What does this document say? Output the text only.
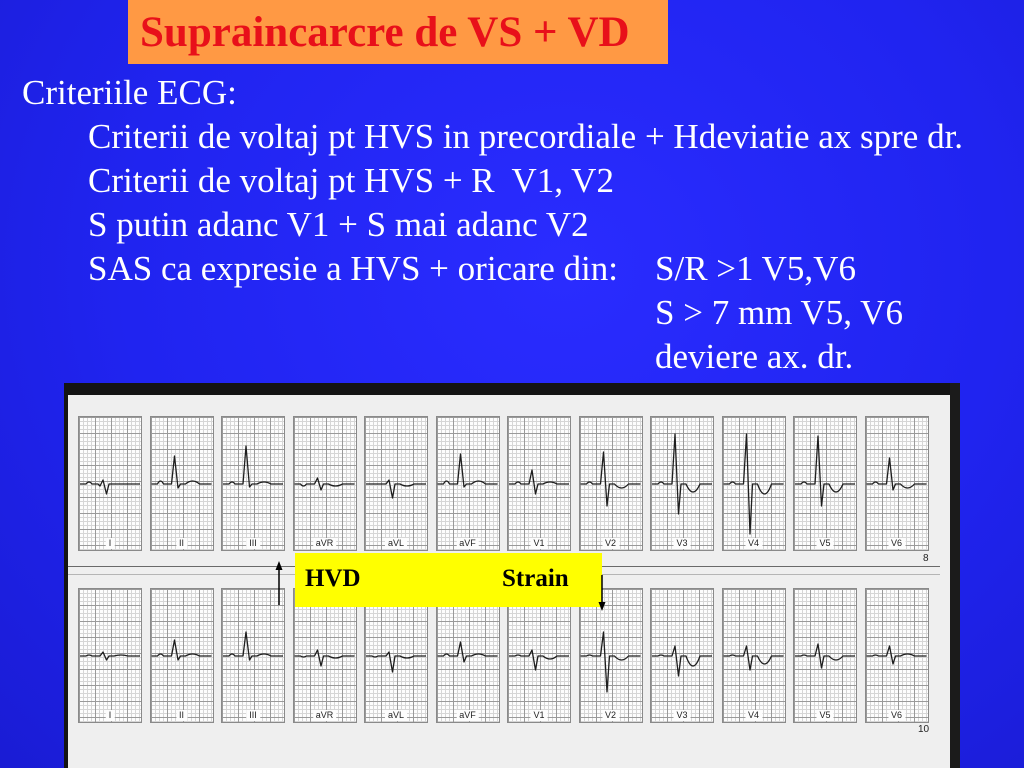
Supraincarcre de VS + VD
Criteriile ECG:
Criterii de voltaj pt HVS in precordiale + Hdeviatie ax spre dr.
Criterii de voltaj pt HVS + R  V1, V2
S putin adanc V1 + S mai adanc V2
SAS ca expresie a HVS + oricare din: S/R >1 V5,V6
S > 7 mm V5, V6
deviere ax. dr.
8
10
I	II	III	aVR	aVL	aVF	V1	V2	V3	V4	V5	V6
I	II	III	aVR	aVL	aVF	V1	V2	V3	V4	V5	V6
HVD	Strain
